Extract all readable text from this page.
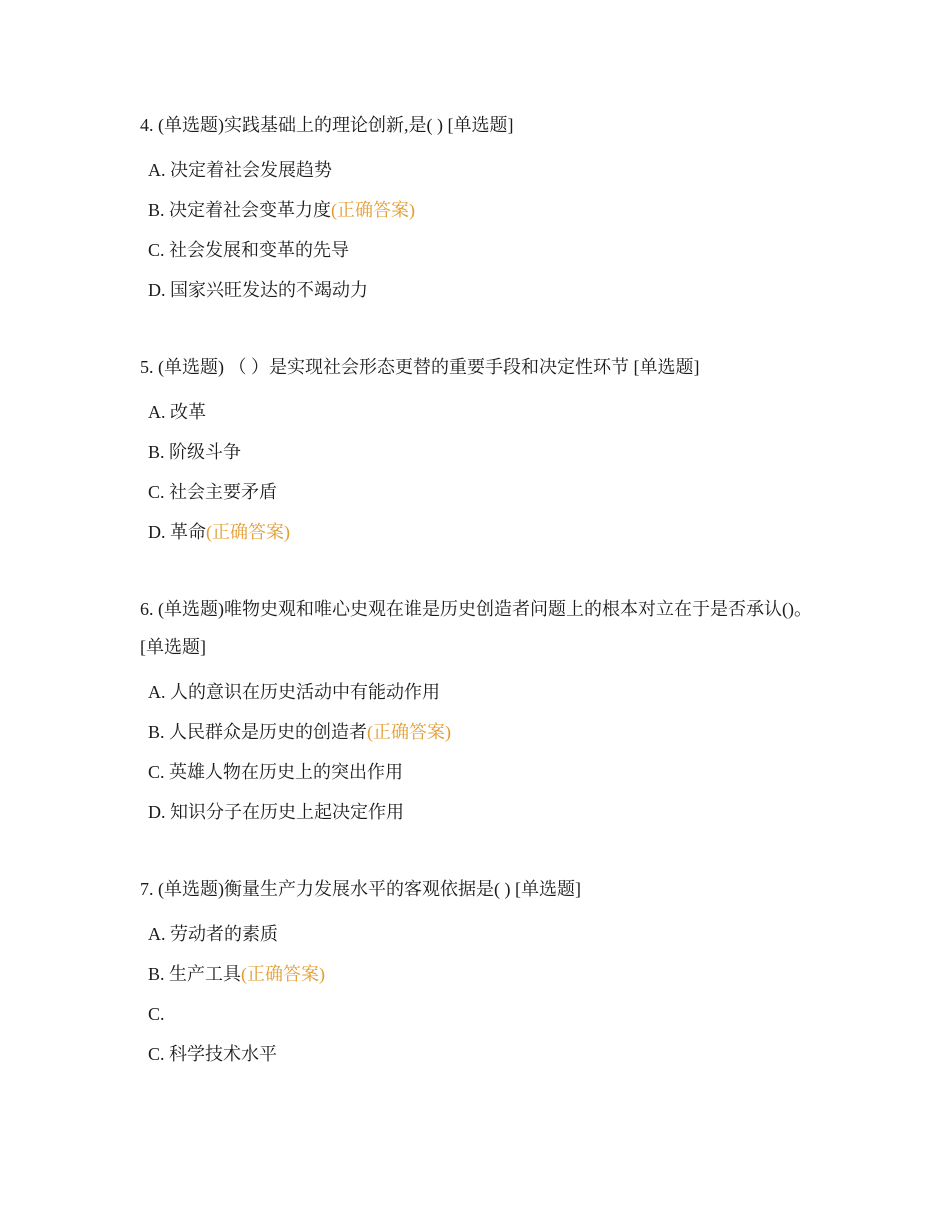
4. (单选题)实践基础上的理论创新,是( ) [单选题]

A. 决定着社会发展趋势
B. 决定着社会变革力度(正确答案)
C. 社会发展和变革的先导
D. 国家兴旺发达的不竭动力

5. (单选题) （ ）是实现社会形态更替的重要手段和决定性环节 [单选题]

A. 改革
B. 阶级斗争
C. 社会主要矛盾
D. 革命(正确答案)

6. (单选题)唯物史观和唯心史观在谁是历史创造者问题上的根本对立在于是否承认()。 [单选题]

A. 人的意识在历史活动中有能动作用
B. 人民群众是历史的创造者(正确答案)
C. 英雄人物在历史上的突出作用
D. 知识分子在历史上起决定作用

7. (单选题)衡量生产力发展水平的客观依据是( ) [单选题]

A. 劳动者的素质
B. 生产工具(正确答案)
C.
C. 科学技术水平
